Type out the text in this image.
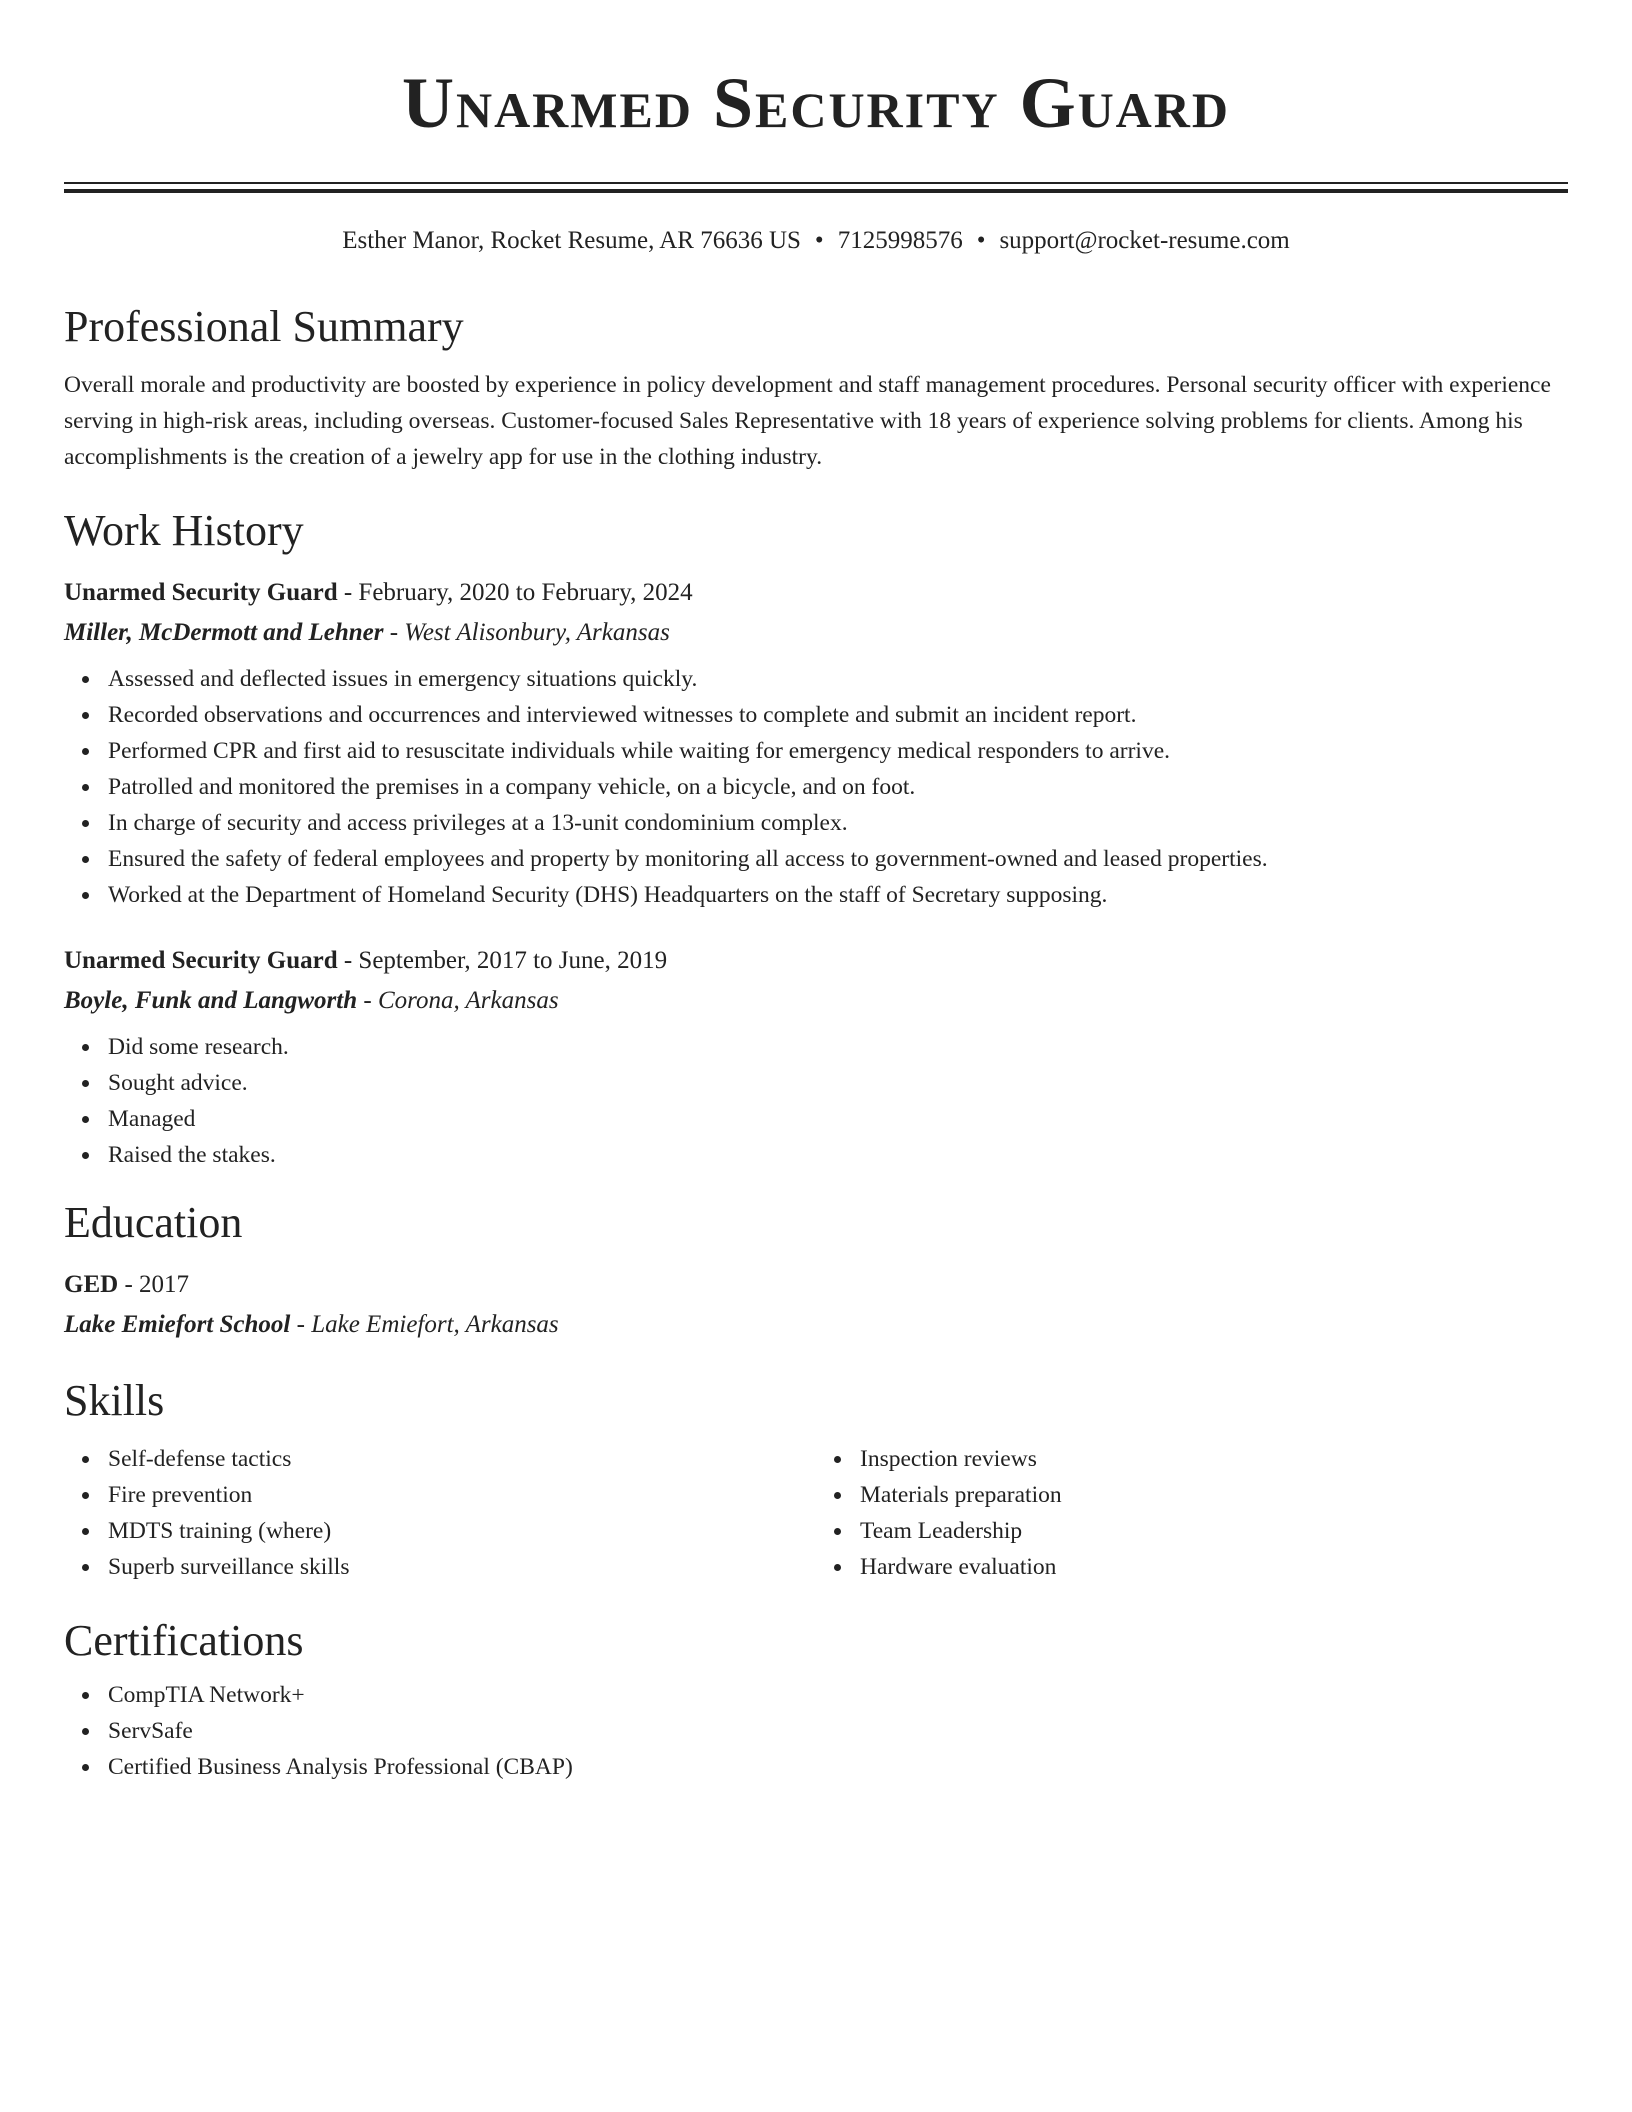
Unarmed Security Guard
Esther Manor, Rocket Resume, AR 76636 US • 7125998576 • support@rocket-resume.com
Professional Summary

Overall morale and productivity are boosted by experience in policy development and staff management procedures. Personal security officer with experience serving in high-risk areas, including overseas. Customer-focused Sales Representative with 18 years of experience solving problems for clients. Among his accomplishments is the creation of a jewelry app for use in the clothing industry.

Work History
Unarmed Security Guard - February, 2020 to February, 2024
Miller, McDermott and Lehner - West Alisonbury, Arkansas
Assessed and deflected issues in emergency situations quickly.
Recorded observations and occurrences and interviewed witnesses to complete and submit an incident report.
Performed CPR and first aid to resuscitate individuals while waiting for emergency medical responders to arrive.
Patrolled and monitored the premises in a company vehicle, on a bicycle, and on foot.
In charge of security and access privileges at a 13-unit condominium complex.
Ensured the safety of federal employees and property by monitoring all access to government-owned and leased properties.
Worked at the Department of Homeland Security (DHS) Headquarters on the staff of Secretary supposing.
Unarmed Security Guard - September, 2017 to June, 2019
Boyle, Funk and Langworth - Corona, Arkansas
Did some research.
Sought advice.
Managed
Raised the stakes.
Education
GED - 2017
Lake Emiefort School - Lake Emiefort, Arkansas
Skills
Self-defense tactics
Fire prevention
MDTS training (where)
Superb surveillance skills
Inspection reviews
Materials preparation
Team Leadership
Hardware evaluation
Certifications
CompTIA Network+
ServSafe
Certified Business Analysis Professional (CBAP)
